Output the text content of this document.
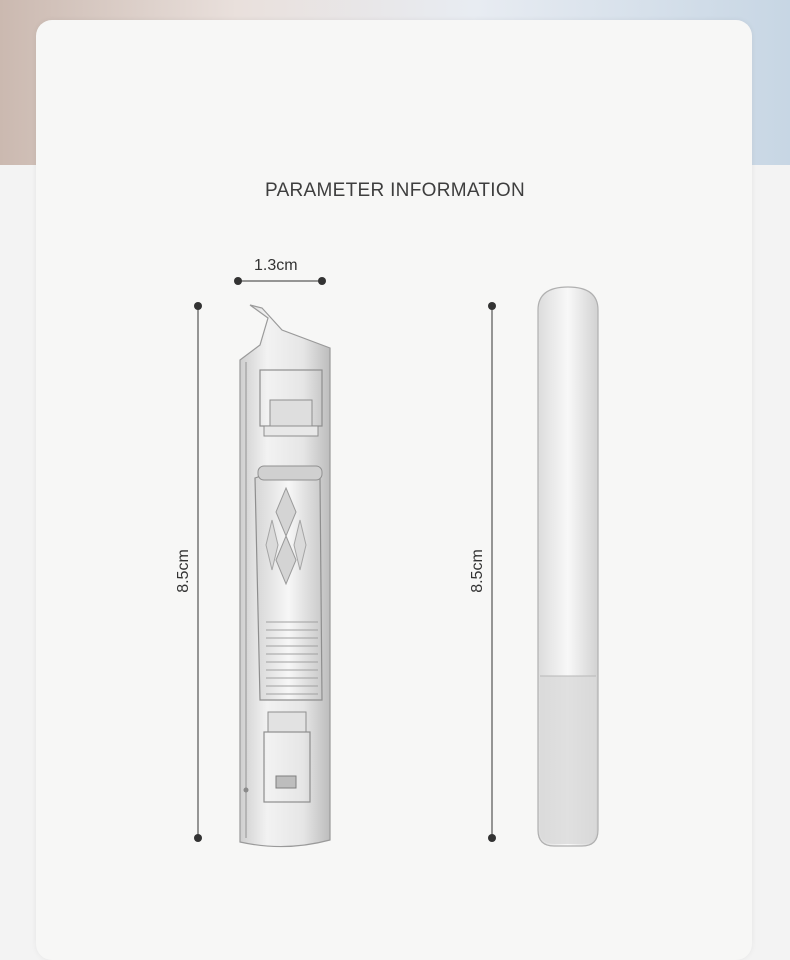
PARAMETER INFORMATION
1.3cm
8.5cm	8.5cm
